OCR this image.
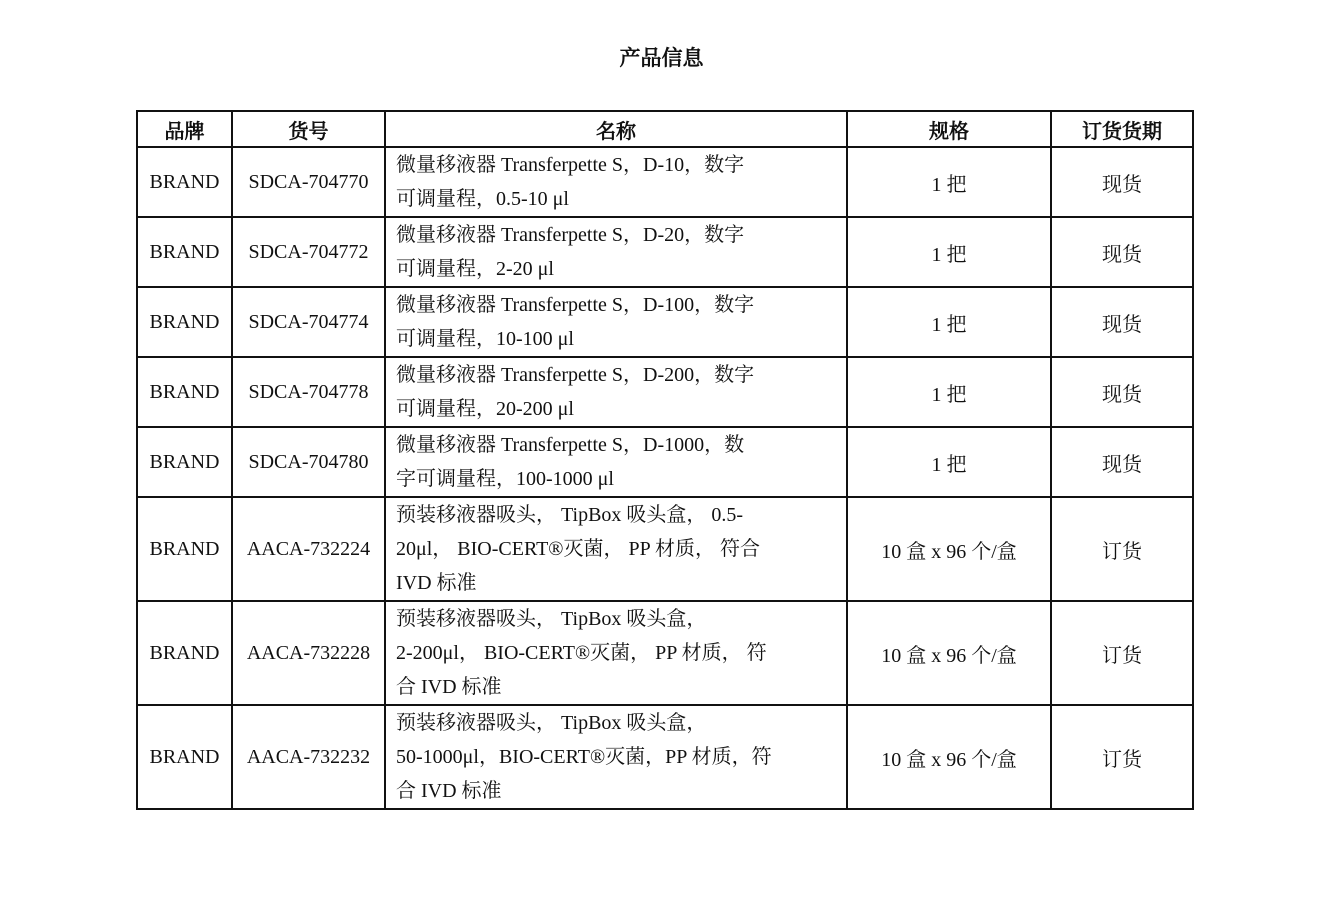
产品信息
品牌	货号	名称	规格	订货货期
BRAND	SDCA-704770	微量移液器 Transferpette S，D-10，数字
可调量程，0.5-10 μl	1 把	现货
BRAND	SDCA-704772	微量移液器 Transferpette S，D-20，数字
可调量程，2-20 μl	1 把	现货
BRAND	SDCA-704774	微量移液器 Transferpette S，D-100，数字
可调量程，10-100 μl	1 把	现货
BRAND	SDCA-704778	微量移液器 Transferpette S，D-200，数字
可调量程，20-200 μl	1 把	现货
BRAND	SDCA-704780	微量移液器 Transferpette S，D-1000，数
字可调量程，100-1000 μl	1 把	现货
BRAND	AACA-732224	预装移液器吸头， TipBox 吸头盒， 0.5-
20μl， BIO-CERT®灭菌， PP 材质， 符合
IVD 标准	10 盒 x 96 个/盒	订货
BRAND	AACA-732228	预装移液器吸头， TipBox 吸头盒，
2-200μl， BIO-CERT®灭菌， PP 材质， 符
合 IVD 标准	10 盒 x 96 个/盒	订货
BRAND	AACA-732232	预装移液器吸头， TipBox 吸头盒，
50-1000μl，BIO-CERT®灭菌，PP 材质，符
合 IVD 标准	10 盒 x 96 个/盒	订货
